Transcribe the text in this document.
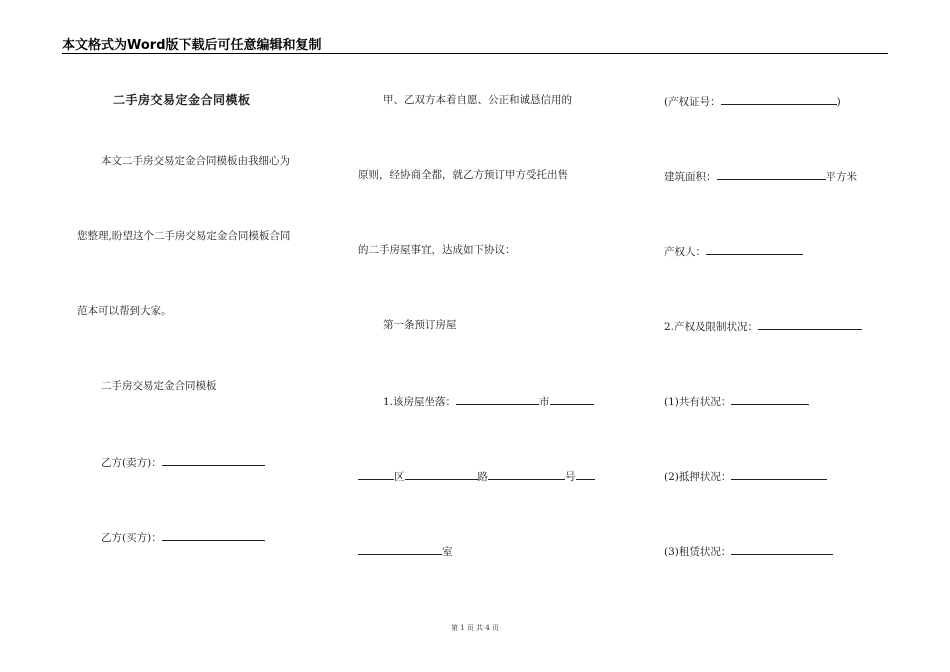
本文格式为Word版下载后可任意编辑和复制
二手房交易定金合同模板
本文二手房交易定金合同模板由我细心为
您整理,盼望这个二手房交易定金合同模板合同
范本可以帮到大家。
二手房交易定金合同模板
乙方(卖方)：
乙方(买方)：
甲、乙双方本着自愿、公正和诚恳信用的
原则，经协商全都，就乙方预订甲方受托出售
的二手房屋事宜，达成如下协议：
第一条预订房屋
1.该房屋坐落：	市
区	路	号
室
(产权证号：	)
建筑面积：	平方米
产权人：
2.产权及限制状况：
(1)共有状况：
(2)抵押状况：
(3)租赁状况：
第 1 页 共 4 页
